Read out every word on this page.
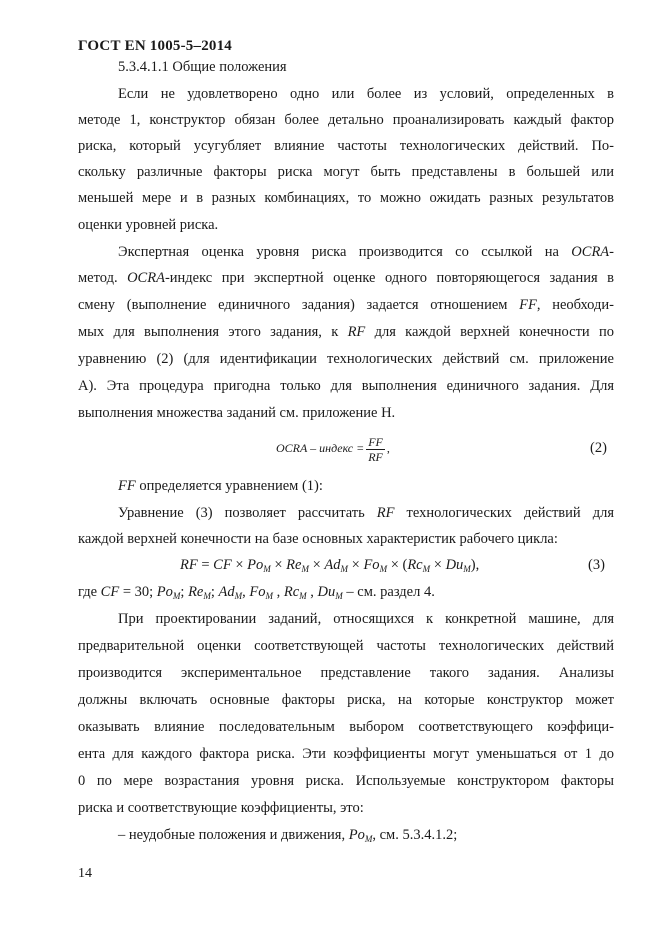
ГОСТ EN 1005-5–2014
5.3.4.1.1 Общие положения
Если не удовлетворено одно или более из условий, определенных в
методе 1, конструктор обязан более детально проанализировать каждый фактор
риска, который усугубляет влияние частоты технологических действий. По-
скольку различные факторы риска могут быть представлены в большей или
меньшей мере и в разных комбинациях, то можно ожидать разных результатов
оценки уровней риска.
Экспертная оценка уровня риска производится со ссылкой на OCRA-
метод. OCRA-индекс при экспертной оценке одного повторяющегося задания в
смену (выполнение единичного задания) задается отношением FF, необходи-
мых для выполнения этого задания, к RF для каждой верхней конечности по
уравнению (2) (для идентификации технологических действий см. приложение
А). Эта процедура пригодна только для выполнения единичного задания. Для
выполнения множества заданий см. приложение Н.
OCRA – индекс = $\frac{FF}{RF}$ ,	(2)
FF определяется уравнением (1):
Уравнение (3) позволяет рассчитать RF технологических действий для
каждой верхней конечности на базе основных характеристик рабочего цикла:
RF = CF × $Po_M \times Re_M \times Ad_M \times Fo_M \times (Rc_M \times Du_M)$,	(3)
где CF = 30; $Po_M$; $Re_M$; $Ad_M$, $Fo_M$ , $Rc_M$ , $Du_M$ – см. раздел 4.
При проектировании заданий, относящихся к конкретной машине, для
предварительной оценки соответствующей частоты технологических действий
производится экспериментальное представление такого задания. Анализы
должны включать основные факторы риска, на которые конструктор может
оказывать влияние последовательным выбором соответствующего коэффици-
ента для каждого фактора риска. Эти коэффициенты могут уменьшаться от 1 до
0 по мере возрастания уровня риска. Используемые конструктором факторы
риска и соответствующие коэффициенты, это:
– неудобные положения и движения, $Po_M$, см. 5.3.4.1.2;
14
